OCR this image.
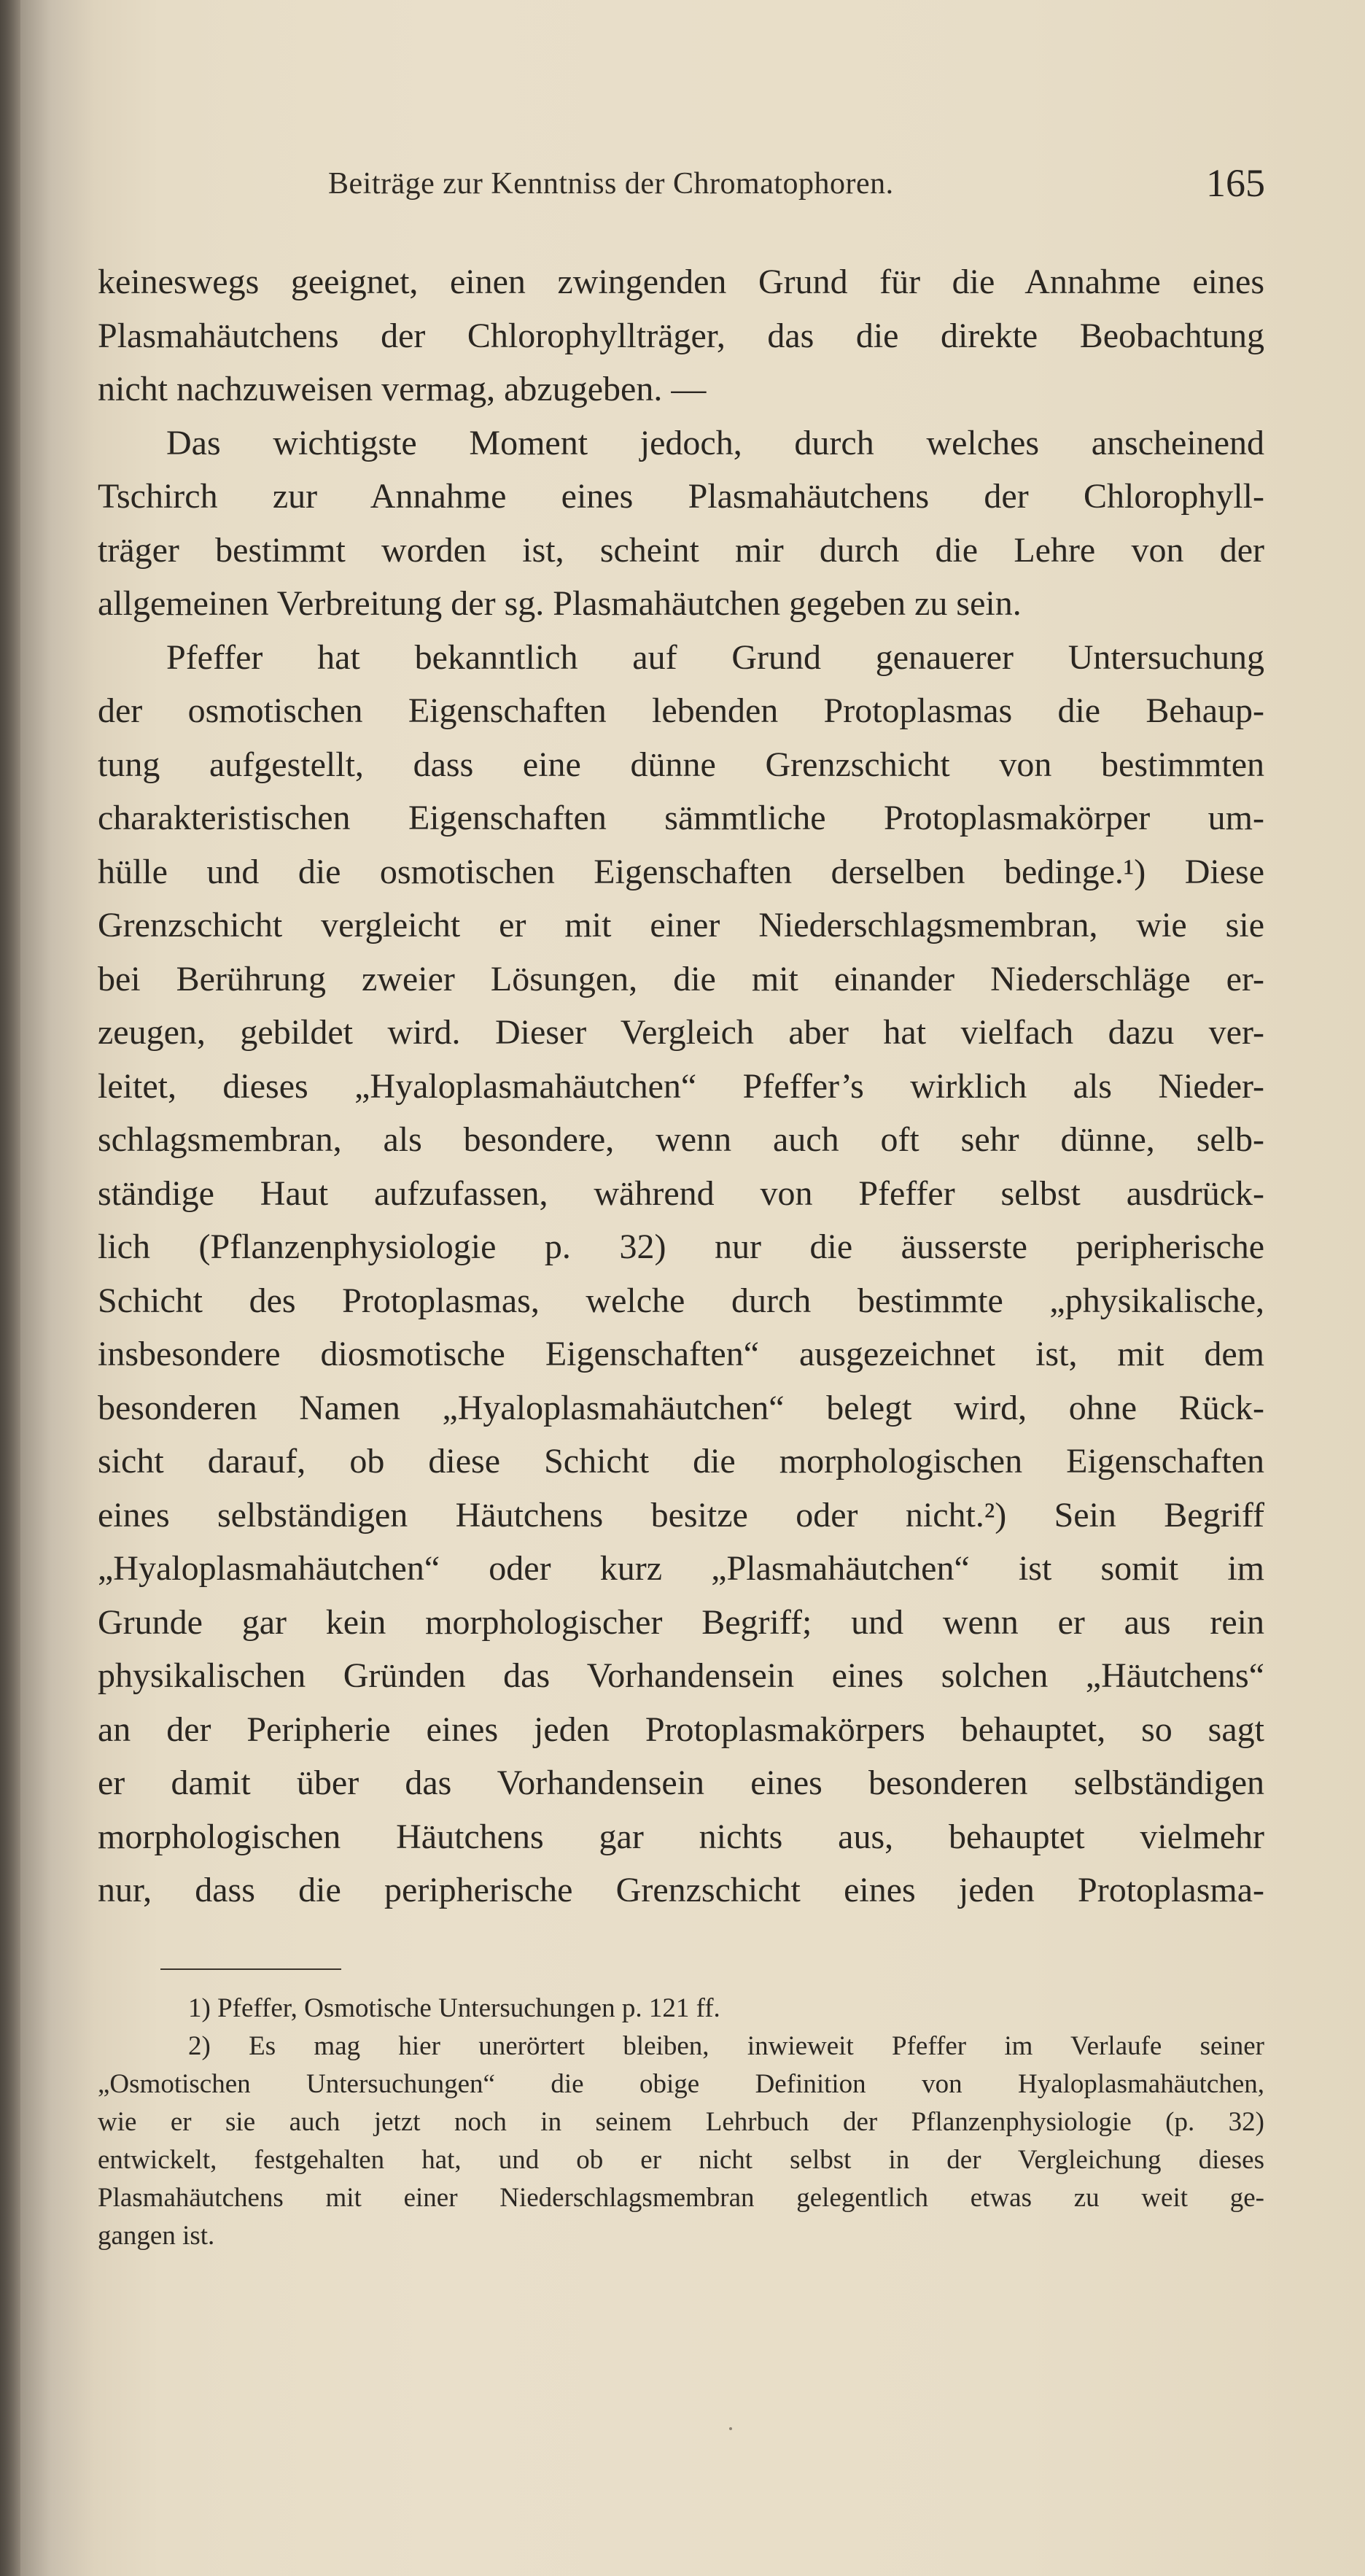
Beiträge zur Kenntniss der Chromatophoren.	165
keineswegs geeignet, einen zwingenden Grund für die Annahme eines
Plasmahäutchens der Chlorophyllträger, das die direkte Beobachtung
nicht nachzuweisen vermag, abzugeben. —
Das wichtigste Moment jedoch, durch welches anscheinend
Tschirch zur Annahme eines Plasmahäutchens der Chlorophyll-
träger bestimmt worden ist, scheint mir durch die Lehre von der
allgemeinen Verbreitung der sg. Plasmahäutchen gegeben zu sein.
Pfeffer hat bekanntlich auf Grund genauerer Untersuchung
der osmotischen Eigenschaften lebenden Protoplasmas die Behaup-
tung aufgestellt, dass eine dünne Grenzschicht von bestimmten
charakteristischen Eigenschaften sämmtliche Protoplasmakörper um-
hülle und die osmotischen Eigenschaften derselben bedinge.¹) Diese
Grenzschicht vergleicht er mit einer Niederschlagsmembran, wie sie
bei Berührung zweier Lösungen, die mit einander Niederschläge er-
zeugen, gebildet wird. Dieser Vergleich aber hat vielfach dazu ver-
leitet, dieses „Hyaloplasmahäutchen“ Pfeffer’s wirklich als Nieder-
schlagsmembran, als besondere, wenn auch oft sehr dünne, selb-
ständige Haut aufzufassen, während von Pfeffer selbst ausdrück-
lich (Pflanzenphysiologie p. 32) nur die äusserste peripherische
Schicht des Protoplasmas, welche durch bestimmte „physikalische,
insbesondere diosmotische Eigenschaften“ ausgezeichnet ist, mit dem
besonderen Namen „Hyaloplasmahäutchen“ belegt wird, ohne Rück-
sicht darauf, ob diese Schicht die morphologischen Eigenschaften
eines selbständigen Häutchens besitze oder nicht.²) Sein Begriff
„Hyaloplasmahäutchen“ oder kurz „Plasmahäutchen“ ist somit im
Grunde gar kein morphologischer Begriff; und wenn er aus rein
physikalischen Gründen das Vorhandensein eines solchen „Häutchens“
an der Peripherie eines jeden Protoplasmakörpers behauptet, so sagt
er damit über das Vorhandensein eines besonderen selbständigen
morphologischen Häutchens gar nichts aus, behauptet vielmehr
nur, dass die peripherische Grenzschicht eines jeden Protoplasma-
1) Pfeffer, Osmotische Untersuchungen p. 121 ff.
2) Es mag hier unerörtert bleiben, inwieweit Pfeffer im Verlaufe seiner
„Osmotischen Untersuchungen“ die obige Definition von Hyaloplasmahäutchen,
wie er sie auch jetzt noch in seinem Lehrbuch der Pflanzenphysiologie (p. 32)
entwickelt, festgehalten hat, und ob er nicht selbst in der Vergleichung dieses
Plasmahäutchens mit einer Niederschlagsmembran gelegentlich etwas zu weit ge-
gangen ist.
